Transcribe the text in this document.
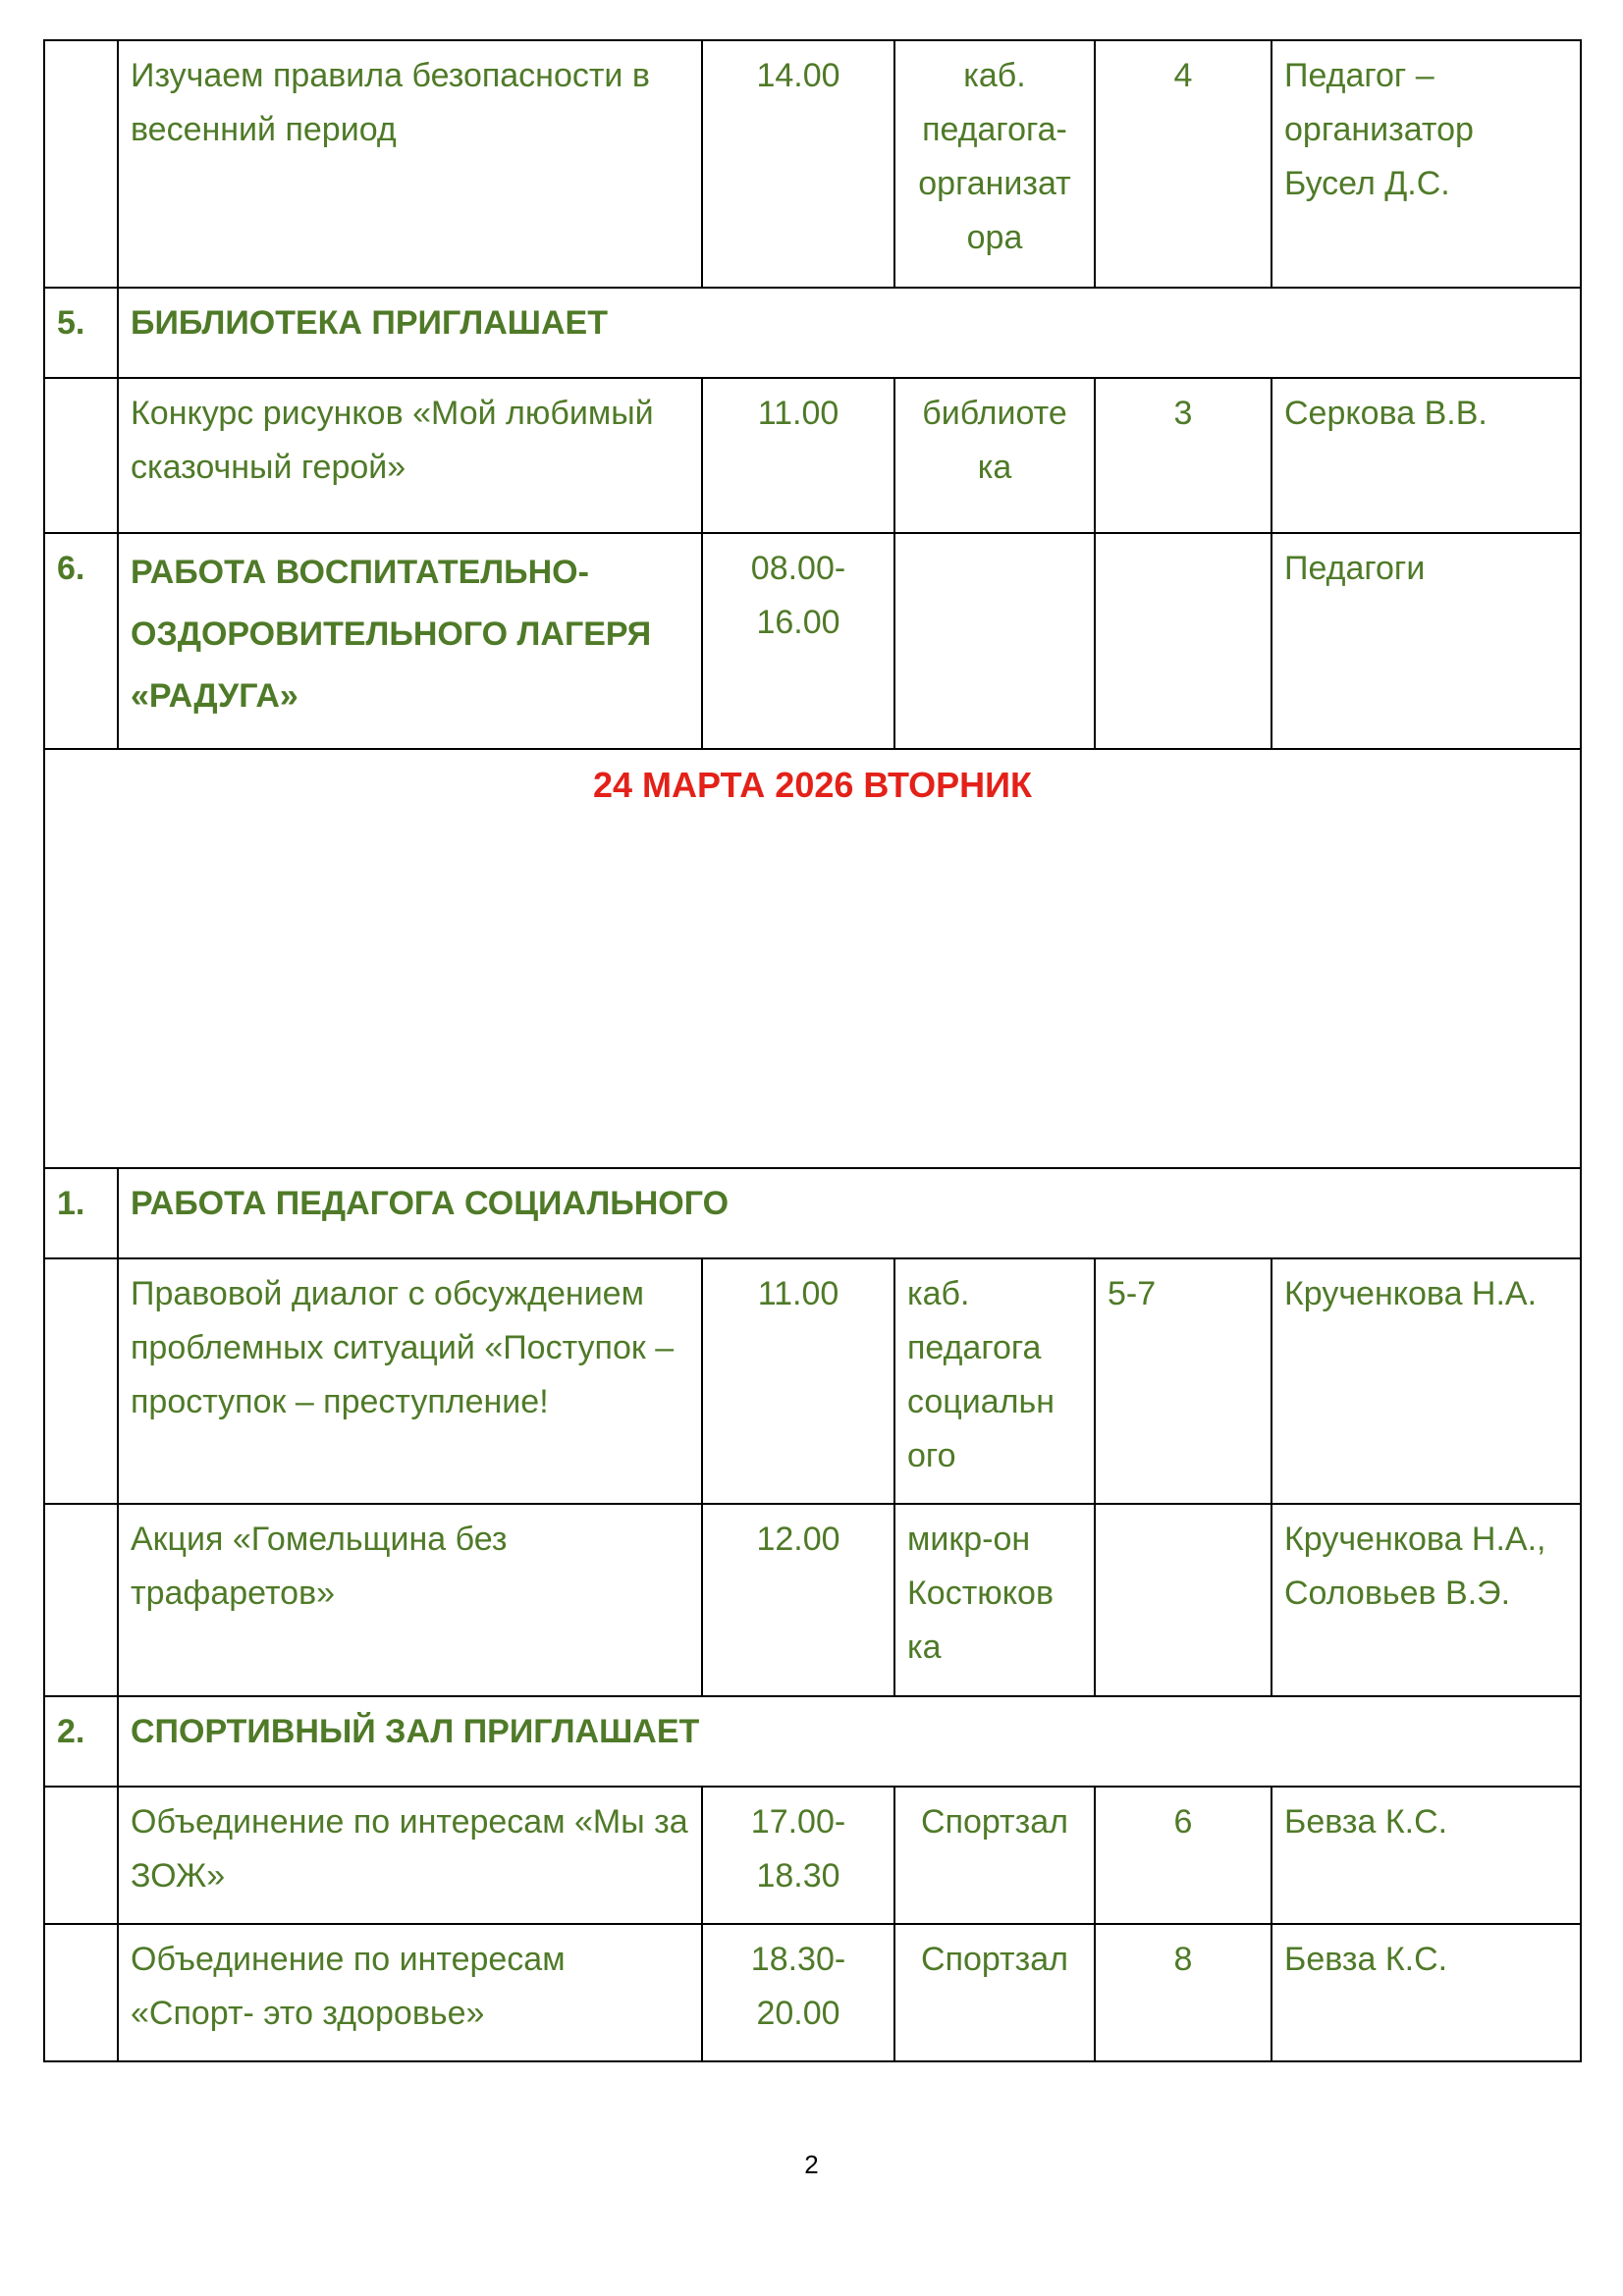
	Изучаем правила безопасности в весенний период	14.00	каб. педагога-организат ора	4	Педагог – организатор Бусел Д.С.
5.	БИБЛИОТЕКА ПРИГЛАШАЕТ				
	Конкурс рисунков «Мой любимый сказочный герой»	11.00	библиоте ка	3	Серкова В.В.
6.	РАБОТА ВОСПИТАТЕЛЬНО-ОЗДОРОВИТЕЛЬНОГО ЛАГЕРЯ «РАДУГА»	08.00-16.00			Педагоги
24 МАРТА 2026 ВТОРНИК					
1.	РАБОТА ПЕДАГОГА СОЦИАЛЬНОГО				
	Правовой диалог с обсуждением проблемных ситуаций «Поступок – проступок – преступление!	11.00	каб. педагога социальн ого	5-7	Крученкова Н.А.
	Акция «Гомельщина без трафаретов»	12.00	микр-он Костюков ка		Крученкова Н.А., Соловьев В.Э.
2.	СПОРТИВНЫЙ ЗАЛ ПРИГЛАШАЕТ				
	Объединение по интересам «Мы за ЗОЖ»	17.00-18.30	Спортзал	6	Бевза К.С.
	Объединение по интересам «Спорт- это здоровье»	18.30-20.00	Спортзал	8	Бевза К.С.
2
